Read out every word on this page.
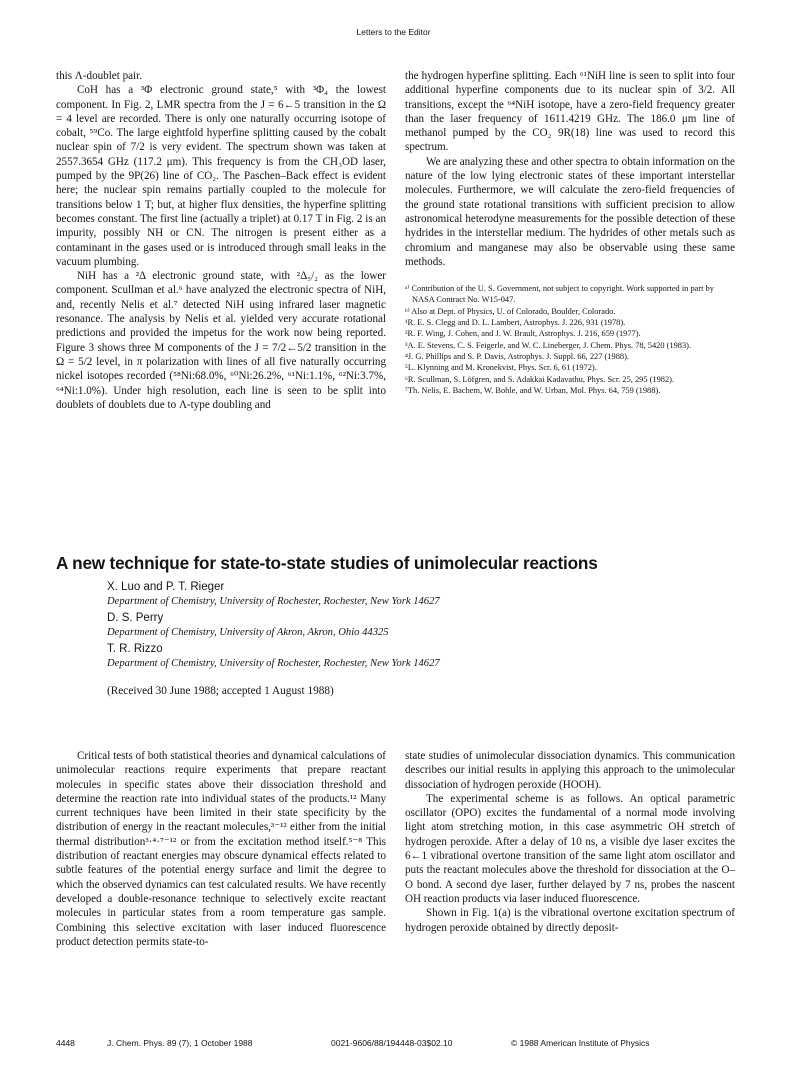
Letters to the Editor

this Λ-doublet pair.

CoH has a ³Φ electronic ground state,⁵ with ³Φ₄ the lowest component. In Fig. 2, LMR spectra from the J = 6←5 transition in the Ω = 4 level are recorded. There is only one naturally occurring isotope of cobalt, ⁵⁹Co. The large eightfold hyperfine splitting caused by the cobalt nuclear spin of 7/2 is very evident. The spectrum shown was taken at 2557.3654 GHz (117.2 μm). This frequency is from the CH₃OD laser, pumped by the 9P(26) line of CO₂. The Paschen–Back effect is evident here; the nuclear spin remains partially coupled to the molecule for transitions below 1 T; but, at higher flux densities, the hyperfine splitting becomes constant. The first line (actually a triplet) at 0.17 T in Fig. 2 is an impurity, possibly NH or CN. The nitrogen is present either as a contaminant in the gases used or is introduced through small leaks in the vacuum plumbing.

NiH has a ²Δ electronic ground state, with ²Δ₅/₂ as the lower component. Scullman et al.⁶ have analyzed the electronic spectra of NiH, and, recently Nelis et al.⁷ detected NiH using infrared laser magnetic resonance. The analysis by Nelis et al. yielded very accurate rotational predictions and provided the impetus for the work now being reported. Figure 3 shows three M components of the J = 7/2←5/2 transition in the Ω = 5/2 level, in π polarization with lines of all five naturally occurring nickel isotopes recorded (⁵⁸Ni:68.0%, ⁶⁰Ni:26.2%, ⁶¹Ni:1.1%, ⁶²Ni:3.7%, ⁶⁴Ni:1.0%). Under high resolution, each line is seen to be split into doublets of doublets due to Λ-type doubling and

the hydrogen hyperfine splitting. Each ⁶¹NiH line is seen to split into four additional hyperfine components due to its nuclear spin of 3/2. All transitions, except the ⁶⁴NiH isotope, have a zero-field frequency greater than the laser frequency of 1611.4219 GHz. The 186.0 μm line of methanol pumped by the CO₂ 9R(18) line was used to record this spectrum.

We are analyzing these and other spectra to obtain information on the nature of the low lying electronic states of these important interstellar molecules. Furthermore, we will calculate the zero-field frequencies of the ground state rotational transitions with sufficient precision to allow astronomical heterodyne measurements for the possible detection of these hydrides in the interstellar medium. The hydrides of other metals such as chromium and manganese may also be observable using these same methods.

ᵃ⁾ Contribution of the U. S. Government, not subject to copyright. Work supported in part by NASA Contract No. W15-047.
ᵇ⁾ Also at Dept. of Physics, U. of Colorado, Boulder, Colorado.
¹R. E. S. Clegg and D. L. Lambert, Astrophys. J. 226, 931 (1978).
²R. F. Wing, J. Cohen, and J. W. Brault, Astrophys. J. 216, 659 (1977).
³A. E. Stevens, C. S. Feigerle, and W. C. Lineberger, J. Chem. Phys. 78, 5420 (1983).
⁴J. G. Phillips and S. P. Davis, Astrophys. J. Suppl. 66, 227 (1988).
⁵L. Klynning and M. Kronekvist, Phys. Scr. 6, 61 (1972).
⁶R. Scullman, S. Löfgren, and S. Adakkai Kadavathu, Phys. Scr. 25, 295 (1982).
⁷Th. Nelis, E. Bachem, W. Bohle, and W. Urban, Mol. Phys. 64, 759 (1988).
A new technique for state-to-state studies of unimolecular reactions
X. Luo and P. T. Rieger
Department of Chemistry, University of Rochester, Rochester, New York 14627
D. S. Perry
Department of Chemistry, University of Akron, Akron, Ohio 44325
T. R. Rizzo
Department of Chemistry, University of Rochester, Rochester, New York 14627
(Received 30 June 1988; accepted 1 August 1988)

Critical tests of both statistical theories and dynamical calculations of unimolecular reactions require experiments that prepare reactant molecules in specific states above their dissociation threshold and determine the reaction rate into individual states of the products.¹² Many current techniques have been limited in their state specificity by the distribution of energy in the reactant molecules,³⁻¹² either from the initial thermal distribution³·⁴·⁷⁻¹² or from the excitation method itself.⁵⁻⁸ This distribution of reactant energies may obscure dynamical effects related to subtle features of the potential energy surface and limit the degree to which the observed dynamics can test calculated results. We have recently developed a double-resonance technique to selectively excite reactant molecules in particular states from a room temperature gas sample. Combining this selective excitation with laser induced fluorescence product detection permits state-to-

state studies of unimolecular dissociation dynamics. This communication describes our initial results in applying this approach to the unimolecular dissociation of hydrogen peroxide (HOOH).

The experimental scheme is as follows. An optical parametric oscillator (OPO) excites the fundamental of a normal mode involving light atom stretching motion, in this case asymmetric OH stretch of hydrogen peroxide. After a delay of 10 ns, a visible dye laser excites the 6←1 vibrational overtone transition of the same light atom oscillator and puts the reactant molecules above the threshold for dissociation at the O–O bond. A second dye laser, further delayed by 7 ns, probes the nascent OH reaction products via laser induced fluorescence.

Shown in Fig. 1(a) is the vibrational overtone excitation spectrum of hydrogen peroxide obtained by directly deposit-

4448	J. Chem. Phys. 89 (7), 1 October 1988	0021-9606/88/194448-03$02.10	© 1988 American Institute of Physics
